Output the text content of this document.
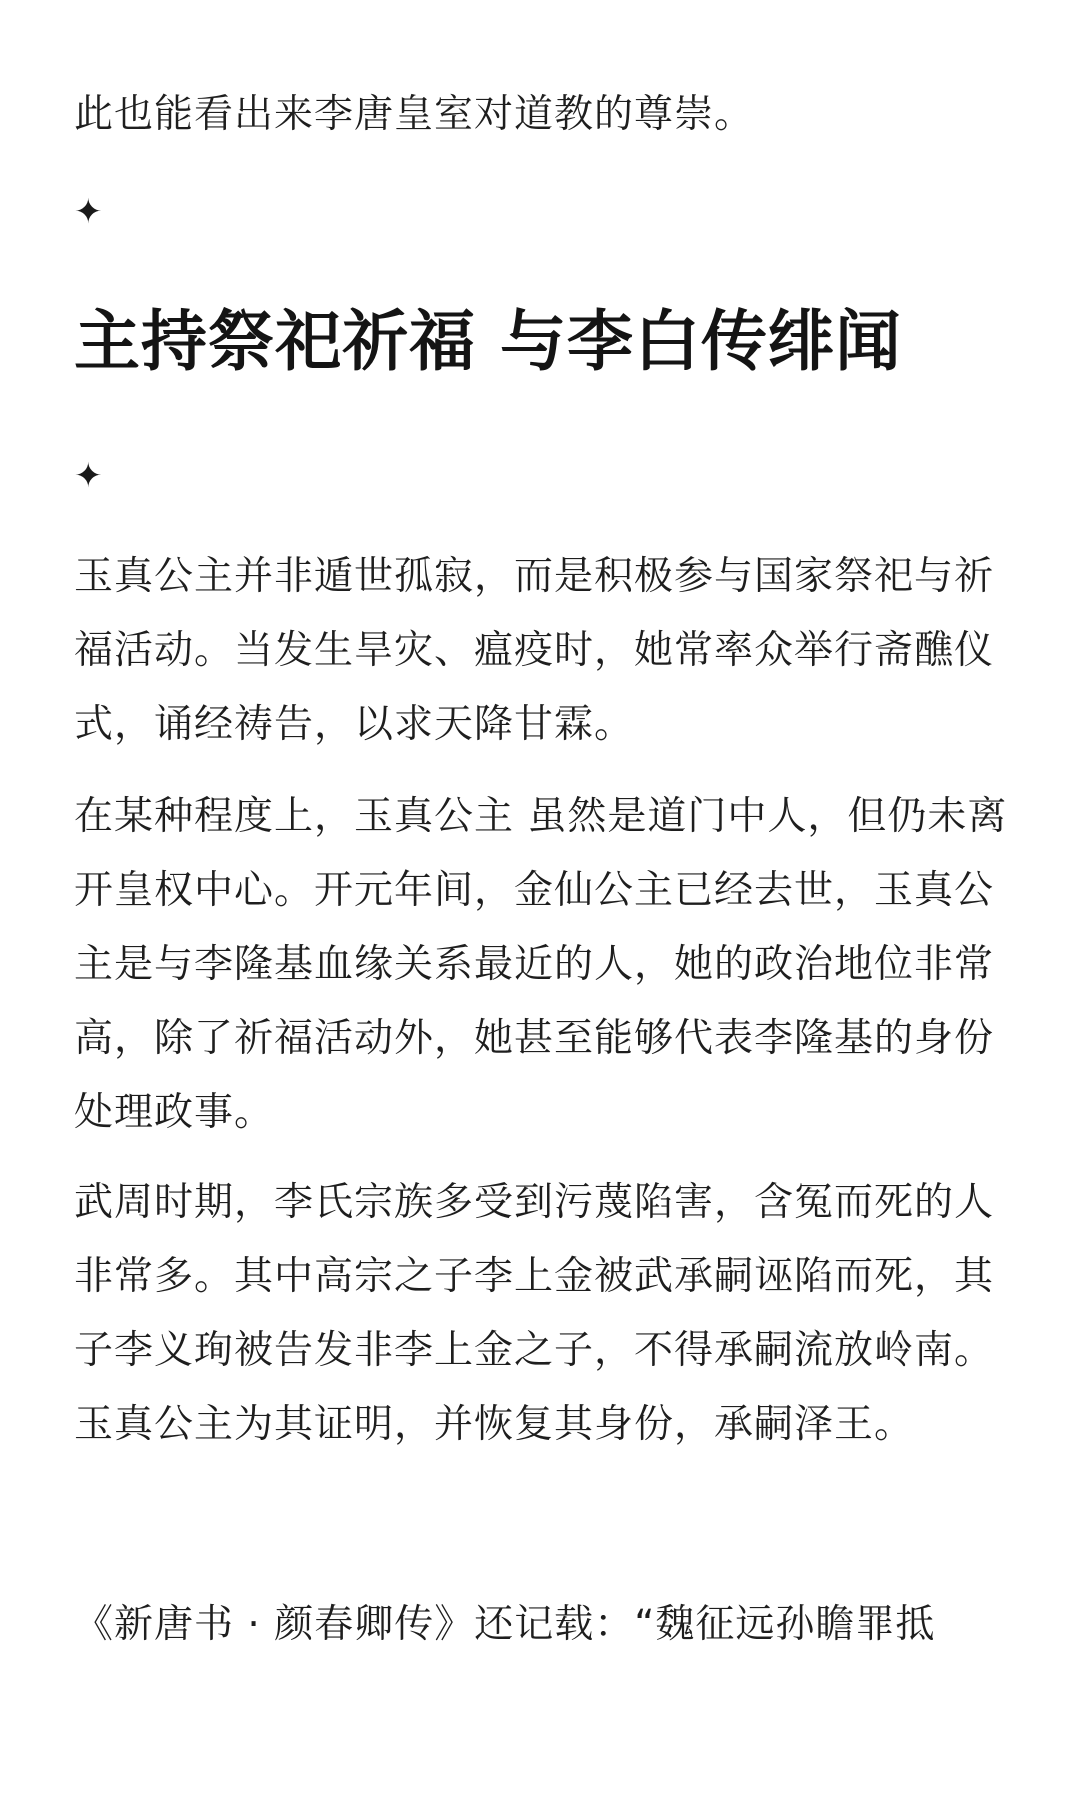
此也能看出来李唐皇室对道教的尊崇。

✦
主持祭祀祈福 与李白传绯闻
✦

玉真公主并非遁世孤寂，而是积极参与国家祭祀与祈福活动。当发生旱灾、瘟疫时，她常率众举行斋醮仪式，诵经祷告，以求天降甘霖。

在某种程度上，玉真公主 虽然是道门中人，但仍未离开皇权中心。开元年间，金仙公主已经去世，玉真公主是与李隆基血缘关系最近的人，她的政治地位非常高，除了祈福活动外，她甚至能够代表李隆基的身份处理政事。

武周时期，李氏宗族多受到污蔑陷害，含冤而死的人非常多。其中高宗之子李上金被武承嗣诬陷而死，其子李义珣被告发非李上金之子，不得承嗣流放岭南。玉真公主为其证明，并恢复其身份，承嗣泽王。

《新唐书 · 颜春卿传》还记载：“魏征远孙瞻罪抵
